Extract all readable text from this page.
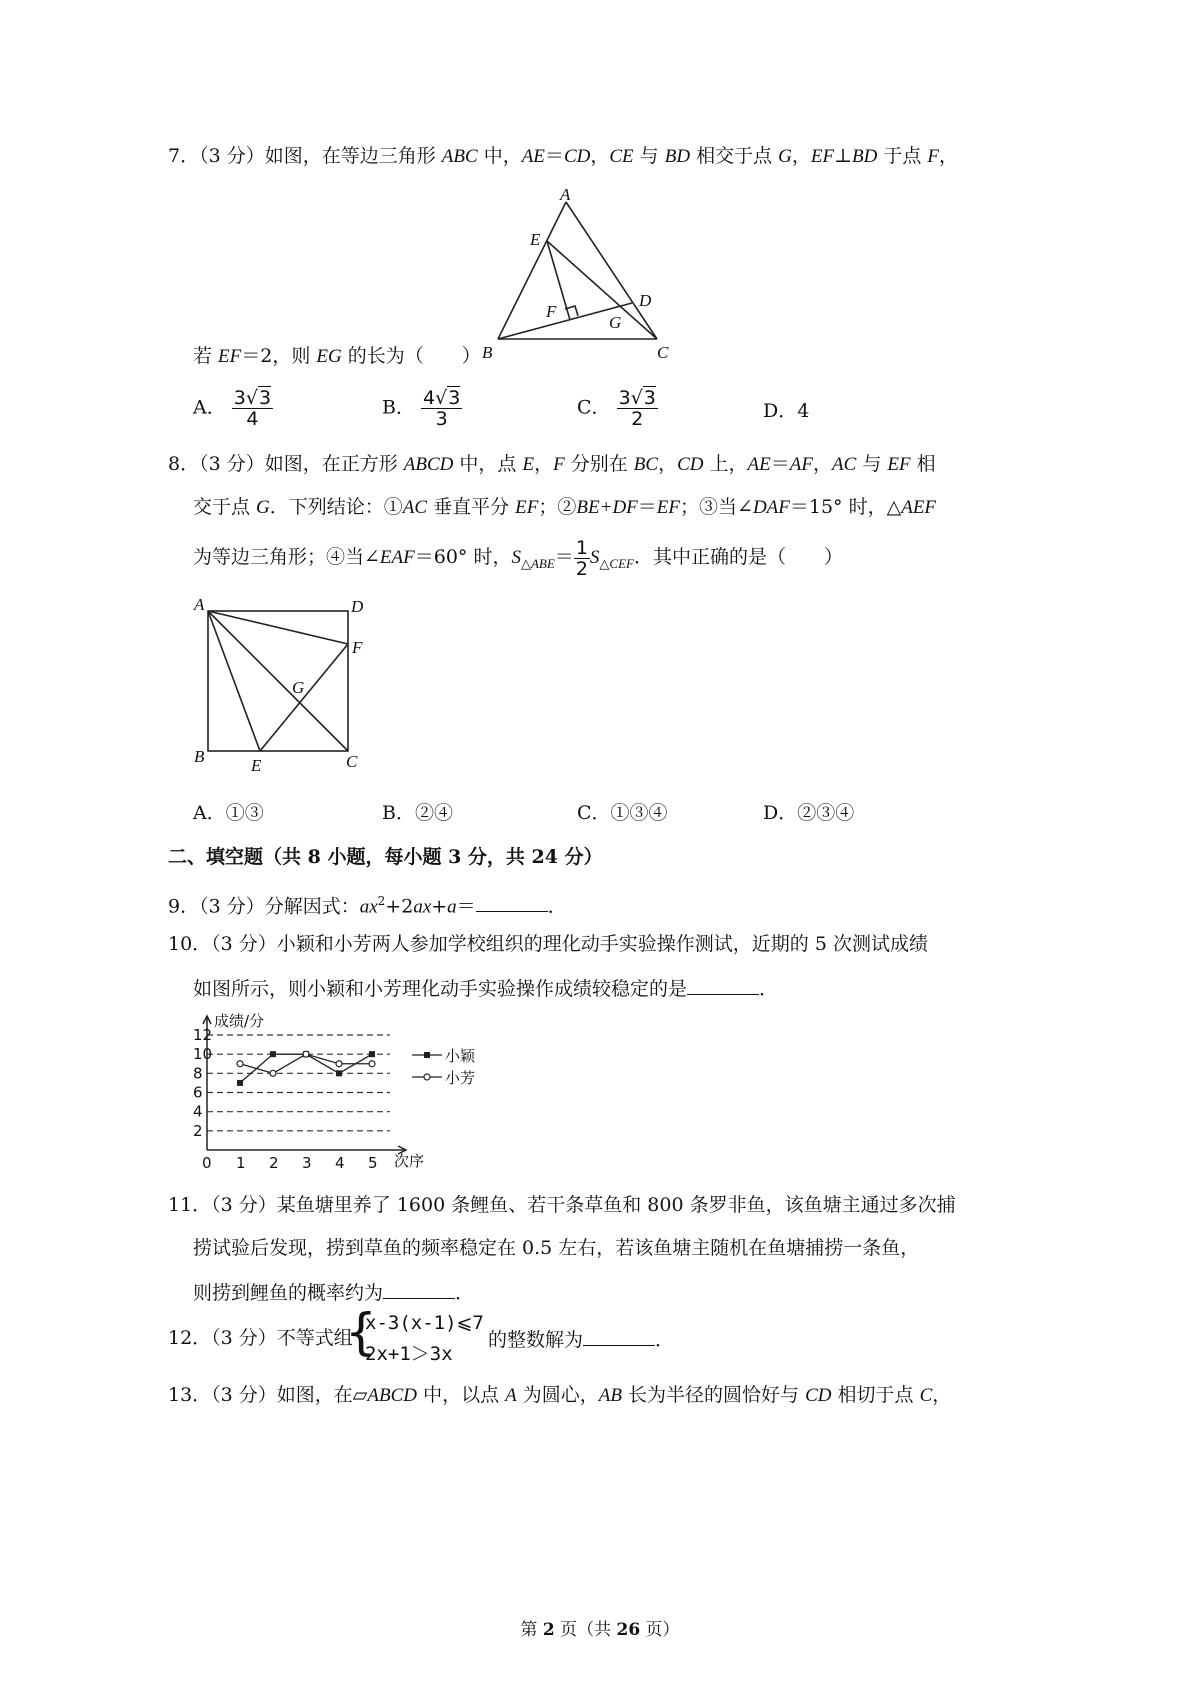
7．（3 分）如图，在等边三角形 ABC 中，AE＝CD，CE 与 BD 相交于点 G，EF⊥BD 于点 F，
A
E
D
F
G
B	C
若 EF＝2，则 EG 的长为（　　）
A． $\frac{3√3}{4}$	B． $\frac{4√3}{3}$	C． $\frac{3√3}{2}$	D．4
8．（3 分）如图，在正方形 ABCD 中，点 E，F 分别在 BC，CD 上，AE＝AF，AC 与 EF 相
交于点 G．下列结论：①AC 垂直平分 EF；②BE+DF＝EF；③当∠DAF＝15° 时，△AEF
为等边三角形；④当∠EAF＝60° 时，$S_{\triangle ABE}= \frac{1}{2} S_{\triangle CEF}$．其中正确的是（　　）
A	D
F
G
B	E	C
A．①③	B．②④	C．①③④	D．②③④
二、填空题（共 8 小题，每小题 3 分，共 24 分）
9．（3 分）分解因式：$ax^2+2ax+a=$	．
10．（3 分）小颖和小芳两人参加学校组织的理化动手实验操作测试，近期的 5 次测试成绩
如图所示，则小颖和小芳理化动手实验操作成绩较稳定的是	．
成绩/分
次序
2
4
6
8
10
12
0 1 2 3 4 5
小颖
小芳
11．（3 分）某鱼塘里养了 1600 条鲤鱼、若干条草鱼和 800 条罗非鱼，该鱼塘主通过多次捕
捞试验后发现，捞到草鱼的频率稳定在 0.5 左右，若该鱼塘主随机在鱼塘捕捞一条鱼，
则捞到鲤鱼的概率约为	．
12．（3 分）不等式组
{
x-3(x-1)⩽7
2x+1＞3x
的整数解为	．
13．（3 分）如图，在▱ABCD 中，以点 A 为圆心，AB 长为半径的圆恰好与 CD 相切于点 C，
第 2 页（共 26 页）
